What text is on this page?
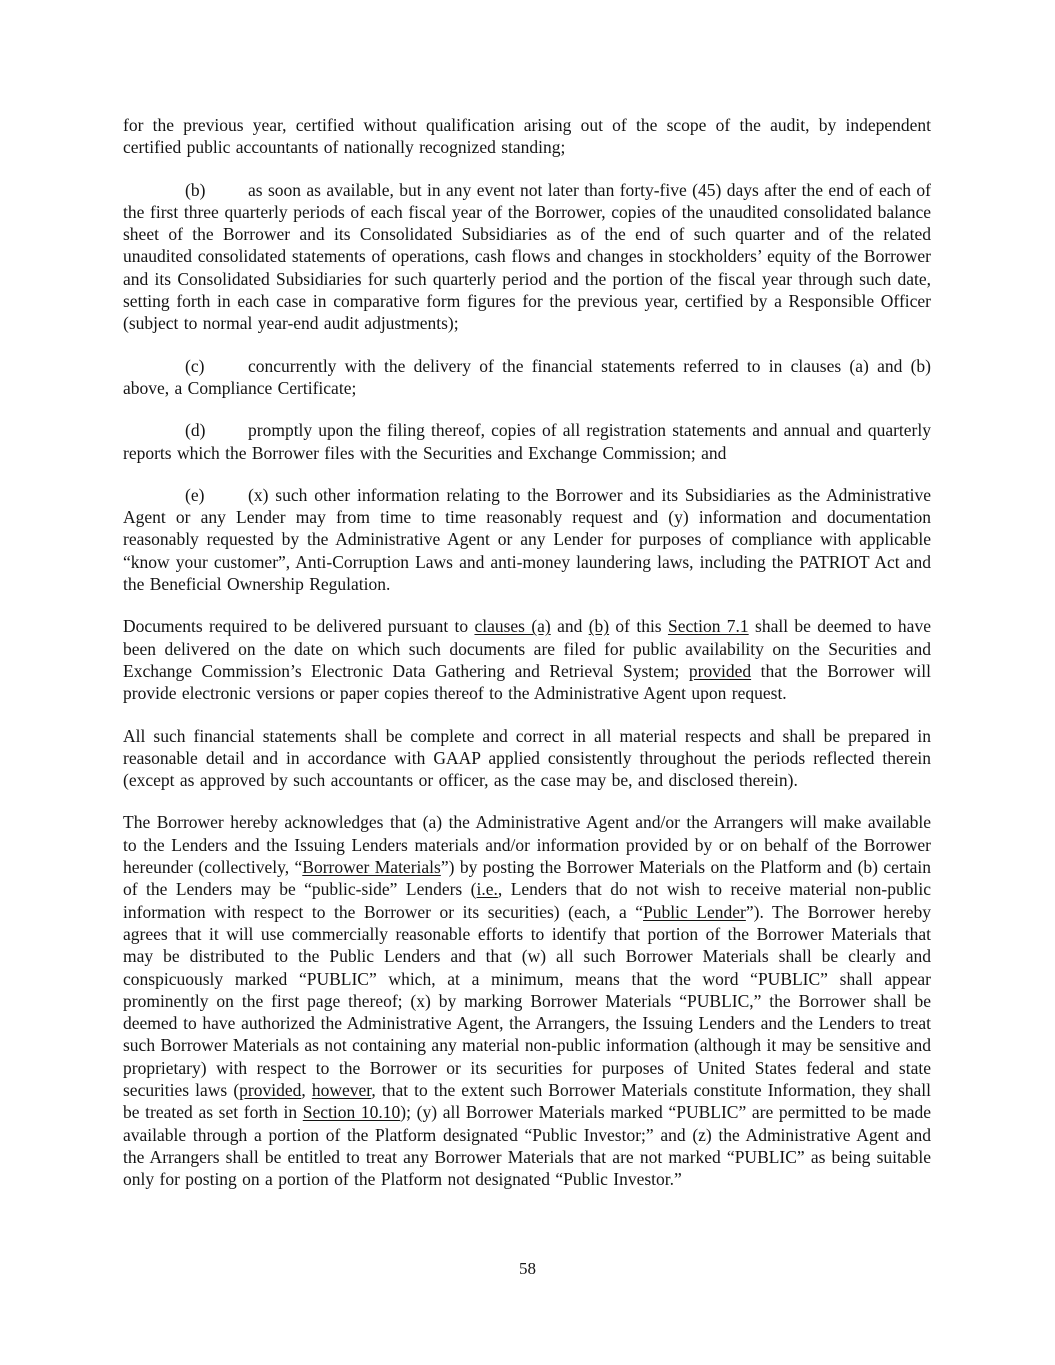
for the previous year, certified without qualification arising out of the scope of the audit, by independent certified public accountants of nationally recognized standing;

(b) as soon as available, but in any event not later than forty-five (45) days after the end of each of the first three quarterly periods of each fiscal year of the Borrower, copies of the unaudited consolidated balance sheet of the Borrower and its Consolidated Subsidiaries as of the end of such quarter and of the related unaudited consolidated statements of operations, cash flows and changes in stockholders’ equity of the Borrower and its Consolidated Subsidiaries for such quarterly period and the portion of the fiscal year through such date, setting forth in each case in comparative form figures for the previous year, certified by a Responsible Officer (subject to normal year-end audit adjustments);

(c) concurrently with the delivery of the financial statements referred to in clauses (a) and (b) above, a Compliance Certificate;

(d) promptly upon the filing thereof, copies of all registration statements and annual and quarterly reports which the Borrower files with the Securities and Exchange Commission; and

(e) (x) such other information relating to the Borrower and its Subsidiaries as the Administrative Agent or any Lender may from time to time reasonably request and (y) information and documentation reasonably requested by the Administrative Agent or any Lender for purposes of compliance with applicable “know your customer”, Anti-Corruption Laws and anti-money laundering laws, including the PATRIOT Act and the Beneficial Ownership Regulation.

Documents required to be delivered pursuant to clauses (a) and (b) of this Section 7.1 shall be deemed to have been delivered on the date on which such documents are filed for public availability on the Securities and Exchange Commission’s Electronic Data Gathering and Retrieval System; provided that the Borrower will provide electronic versions or paper copies thereof to the Administrative Agent upon request.

All such financial statements shall be complete and correct in all material respects and shall be prepared in reasonable detail and in accordance with GAAP applied consistently throughout the periods reflected therein (except as approved by such accountants or officer, as the case may be, and disclosed therein).

The Borrower hereby acknowledges that (a) the Administrative Agent and/or the Arrangers will make available to the Lenders and the Issuing Lenders materials and/or information provided by or on behalf of the Borrower hereunder (collectively, “Borrower Materials”) by posting the Borrower Materials on the Platform and (b) certain of the Lenders may be “public-side” Lenders (i.e., Lenders that do not wish to receive material non-public information with respect to the Borrower or its securities) (each, a “Public Lender”). The Borrower hereby agrees that it will use commercially reasonable efforts to identify that portion of the Borrower Materials that may be distributed to the Public Lenders and that (w) all such Borrower Materials shall be clearly and conspicuously marked “PUBLIC” which, at a minimum, means that the word “PUBLIC” shall appear prominently on the first page thereof; (x) by marking Borrower Materials “PUBLIC,” the Borrower shall be deemed to have authorized the Administrative Agent, the Arrangers, the Issuing Lenders and the Lenders to treat such Borrower Materials as not containing any material non-public information (although it may be sensitive and proprietary) with respect to the Borrower or its securities for purposes of United States federal and state securities laws (provided, however, that to the extent such Borrower Materials constitute Information, they shall be treated as set forth in Section 10.10); (y) all Borrower Materials marked “PUBLIC” are permitted to be made available through a portion of the Platform designated “Public Investor;” and (z) the Administrative Agent and the Arrangers shall be entitled to treat any Borrower Materials that are not marked “PUBLIC” as being suitable only for posting on a portion of the Platform not designated “Public Investor.”

58
